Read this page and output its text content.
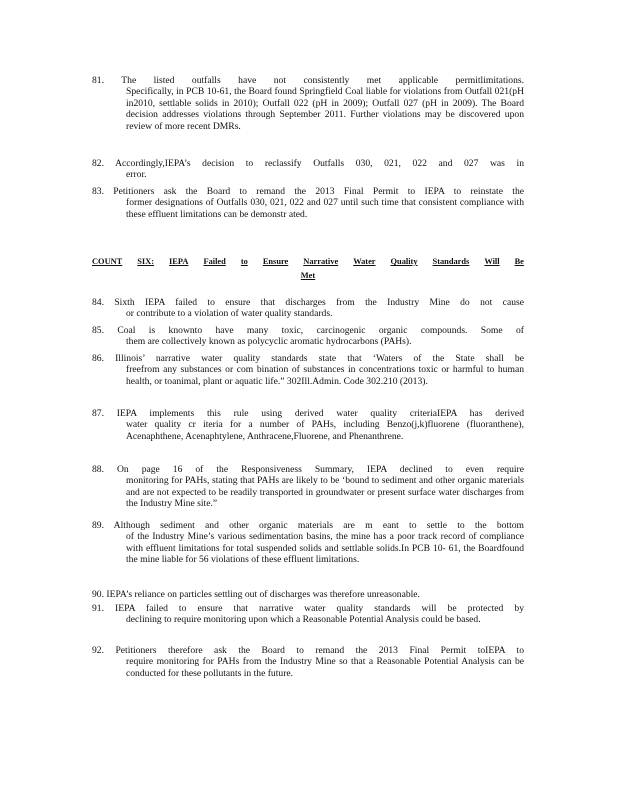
81. The listed outfalls have not consistently met applicable permitlimitations.
Specifically, in PCB 10-61, the Board found Springfield Coal liable for violations from Outfall 021(pH in2010, settlable solids in 2010); Outfall 022 (pH in 2009); Outfall 027 (pH in 2009). The Board decision addresses violations through September 2011. Further violations may be discovered upon review of more recent DMRs.
82. Accordingly,IEPA’s decision to reclassify Outfalls 030, 021, 022 and 027 was in
error.
83. Petitioners ask the Board to remand the 2013 Final Permit to IEPA to reinstate the
former designations of Outfalls 030, 021, 022 and 027 until such time that consistent compliance with these effluent limitations can be demonstr ated.
COUNT SIX: IEPA Failed to Ensure Narrative Water Quality Standards Will Be
Met
84. Sixth IEPA failed to ensure that discharges from the Industry Mine do not cause
or contribute to a violation of water quality standards.
85. Coal is knownto have many toxic, carcinogenic organic compounds. Some of
them are collectively known as polycyclic aromatic hydrocarbons (PAHs).
86. Illinois’ narrative water quality standards state that ‘Waters of the State shall be
freefrom any substances or com bination of substances in concentrations toxic or harmful to human health, or toanimal, plant or aquatic life.” 302Ill.Admin. Code 302.210 (2013).
87. IEPA implements this rule using derived water quality criteriaIEPA has derived
water quality cr iteria for a number of PAHs, including Benzo(j,k)fluorene (fluoranthene), Acenaphthene, Acenaphtylene, Anthracene,Fluorene, and Phenanthrene.
88. On page 16 of the Responsiveness Summary, IEPA declined to even require
monitoring for PAHs, stating that PAHs are likely to be ‘bound to sediment and other organic materials and are not expected to be readily transported in groundwater or present surface water discharges from the Industry Mine site.”
89. Although sediment and other organic materials are m eant to settle to the bottom
of the Industry Mine’s various sedimentation basins, the mine has a poor track record of compliance with effluent limitations for total suspended solids and settlable solids.In PCB 10- 61, the Boardfound the mine liable for 56 violations of these effluent limitations.
90. IEPA’s reliance on particles settling out of discharges was therefore unreasonable.
91. IEPA failed to ensure that narrative water quality standards will be protected by
declining to require monitoring upon which a Reasonable Potential Analysis could be based.
92. Petitioners therefore ask the Board to remand the 2013 Final Permit toIEPA to
require monitoring for PAHs from the Industry Mine so that a Reasonable Potential Analysis can be conducted for these pollutants in the future.
